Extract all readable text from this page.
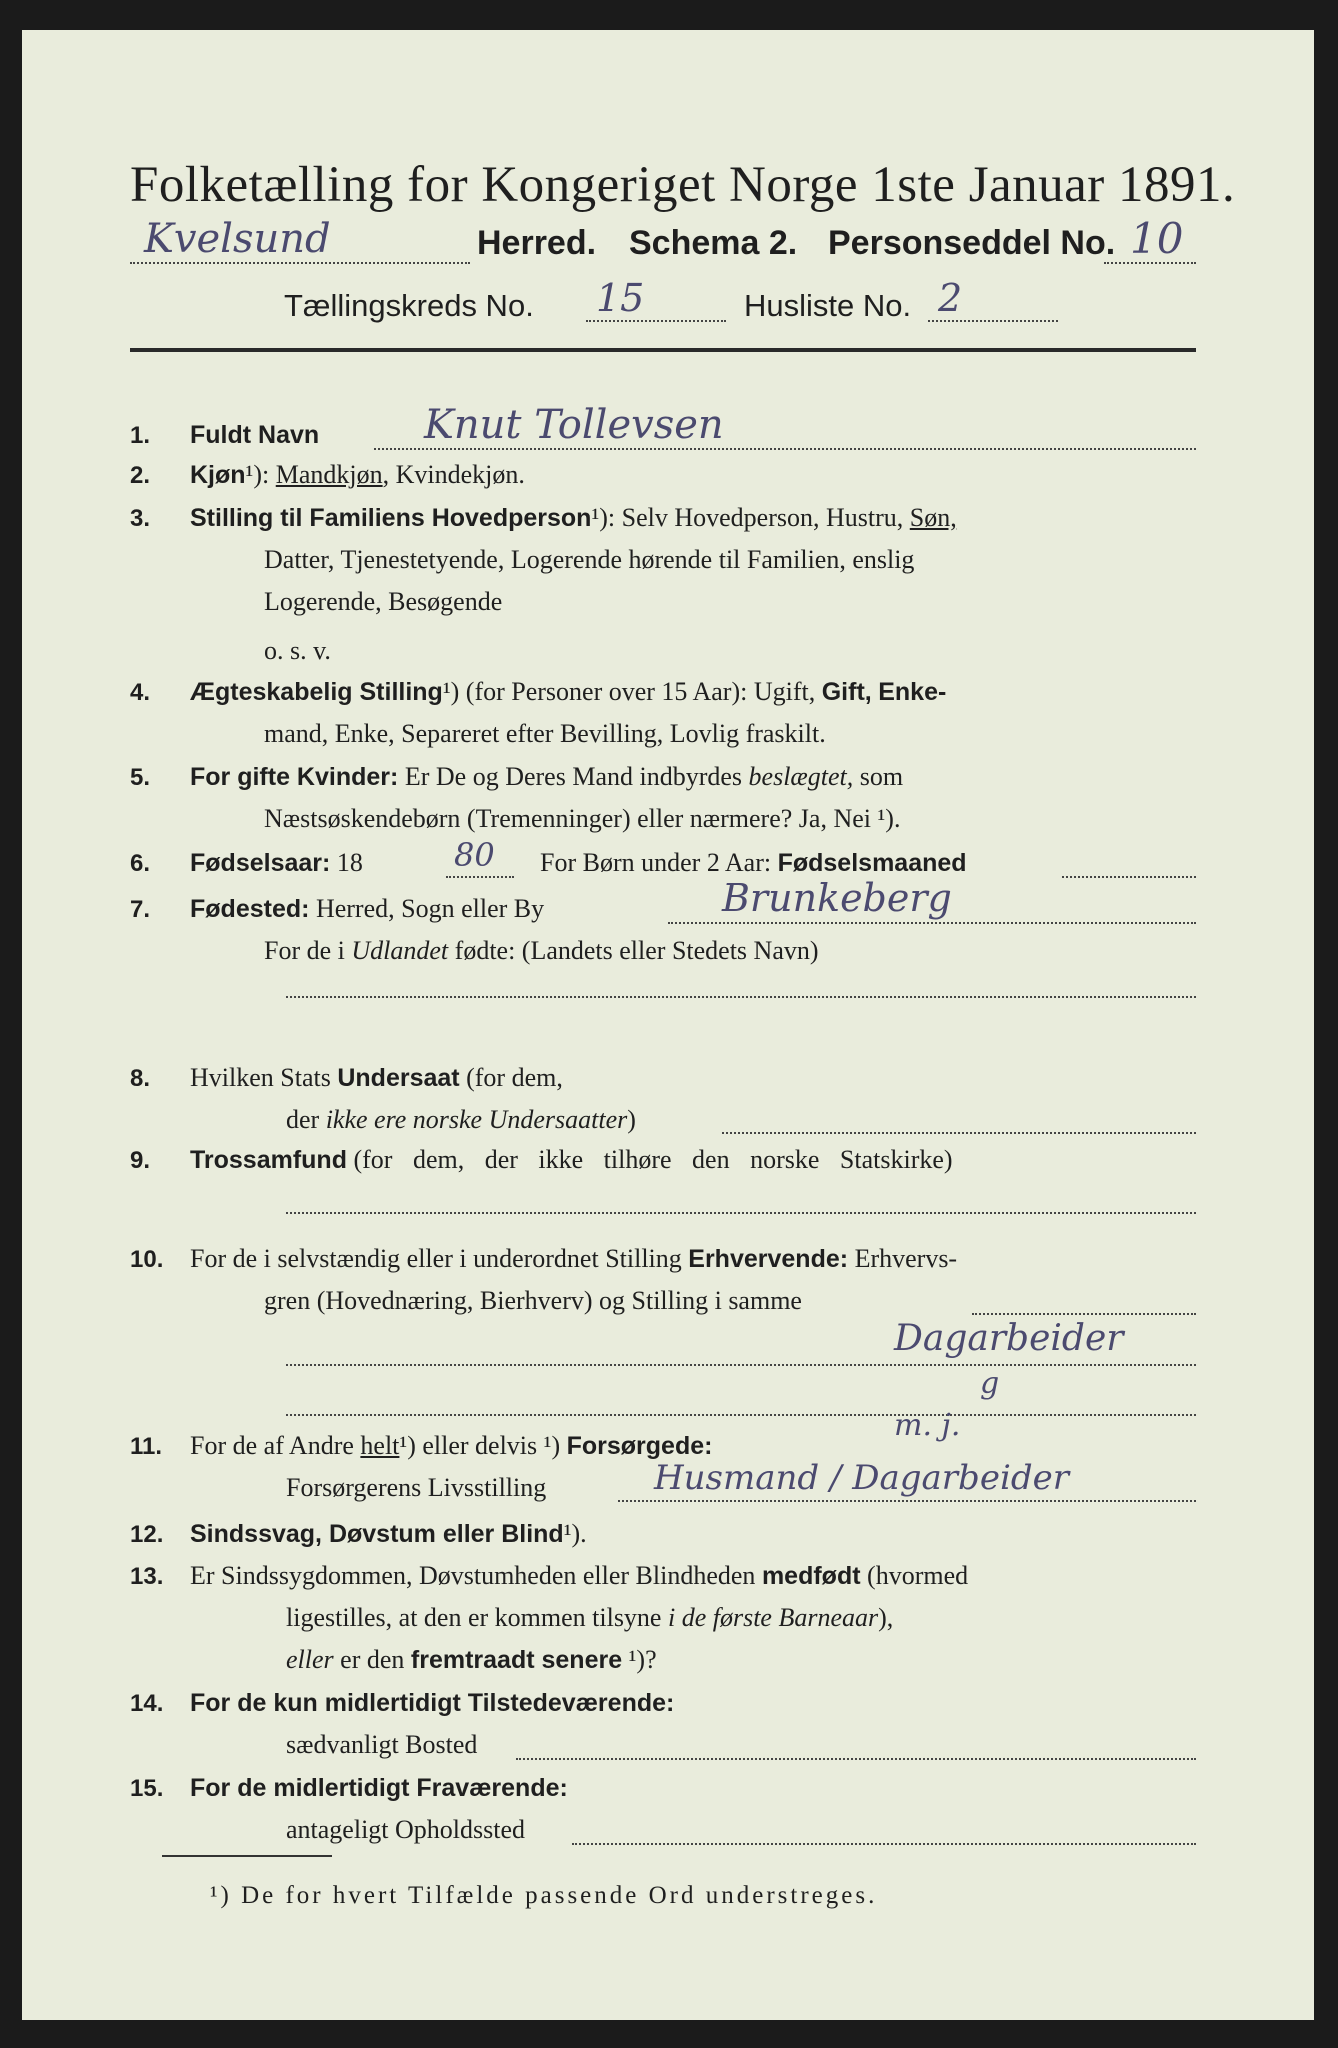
Folketælling for Kongeriget Norge 1ste Januar 1891.
Kvelsund	Herred. Schema 2. Personseddel No. 10
Tællingskreds No. 15	Husliste No. 2
1. Fuldt Navn	Knut Tollevsen
2. Kjøn¹): Mandkjøn, Kvindekjøn.
3. Stilling til Familiens Hovedperson¹): Selv Hovedperson, Hustru, Søn,
Datter, Tjenestetyende, Logerende hørende til Familien, enslig
Logerende, Besøgende
o. s. v.
4. Ægteskabelig Stilling¹) (for Personer over 15 Aar): Ugift, Gift, Enke-
mand, Enke, Separeret efter Bevilling, Lovlig fraskilt.
5. For gifte Kvinder: Er De og Deres Mand indbyrdes beslægtet, som
Næstsøskendebørn (Tremenninger) eller nærmere? Ja, Nei ¹).
6. Fødselsaar: 18	80 For Børn under 2 Aar: Fødselsmaaned
7. Fødested: Herred, Sogn eller By	Brunkeberg
For de i Udlandet fødte: (Landets eller Stedets Navn)
8. Hvilken Stats Undersaat (for dem,
der ikke ere norske Undersaatter)
9. Trossamfund (for dem, der ikke tilhøre den norske Statskirke)
10. For de i selvstændig eller i underordnet Stilling Erhvervende: Erhvervs-
gren (Hovednæring, Bierhverv) og Stilling i samme
Dagarbeider
g
11. For de af Andre helt¹) eller delvis ¹) Forsørgede:
m. j.
Forsørgerens Livsstilling	Husmand / Dagarbeider
12. Sindssvag, Døvstum eller Blind¹).
13. Er Sindssygdommen, Døvstumheden eller Blindheden medfødt (hvormed
ligestilles, at den er kommen tilsyne i de første Barneaar),
eller er den fremtraadt senere ¹)?
14. For de kun midlertidigt Tilstedeværende:
sædvanligt Bosted
15. For de midlertidigt Fraværende:
antageligt Opholdssted
¹) De for hvert Tilfælde passende Ord understreges.
